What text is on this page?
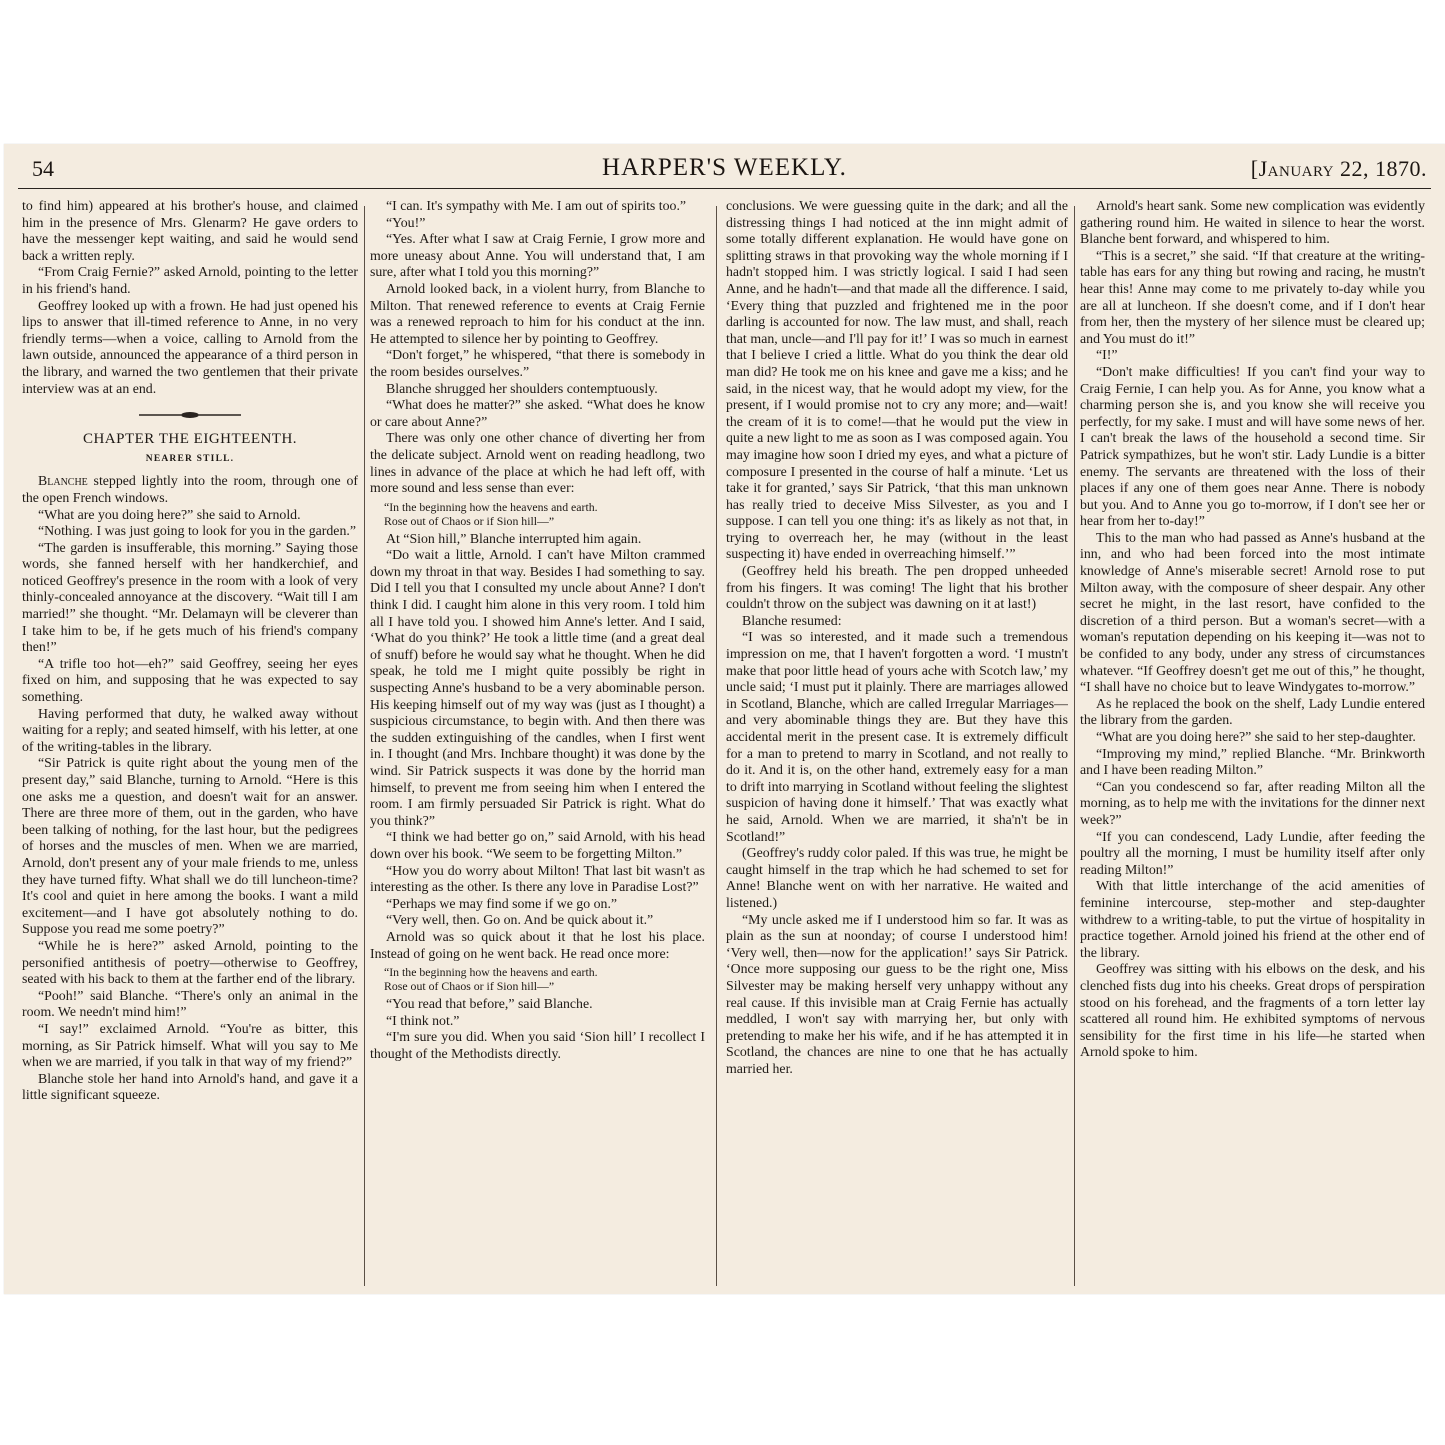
54	HARPER'S WEEKLY.	[January 22, 1870.

to find him) appeared at his brother's house, and claimed him in the presence of Mrs. Glenarm? He gave orders to have the messenger kept waiting, and said he would send back a written reply.

“From Craig Fernie?” asked Arnold, pointing to the letter in his friend's hand.

Geoffrey looked up with a frown. He had just opened his lips to answer that ill-timed reference to Anne, in no very friendly terms—when a voice, calling to Arnold from the lawn outside, announced the appearance of a third person in the library, and warned the two gentlemen that their private interview was at an end.

CHAPTER THE EIGHTEENTH.
NEARER STILL.

Blanche stepped lightly into the room, through one of the open French windows.

“What are you doing here?” she said to Arnold.

“Nothing. I was just going to look for you in the garden.”

“The garden is insufferable, this morning.” Saying those words, she fanned herself with her handkerchief, and noticed Geoffrey's presence in the room with a look of very thinly-concealed annoyance at the discovery. “Wait till I am married!” she thought. “Mr. Delamayn will be cleverer than I take him to be, if he gets much of his friend's company then!”

“A trifle too hot—eh?” said Geoffrey, seeing her eyes fixed on him, and supposing that he was expected to say something.

Having performed that duty, he walked away without waiting for a reply; and seated himself, with his letter, at one of the writing-tables in the library.

“Sir Patrick is quite right about the young men of the present day,” said Blanche, turning to Arnold. “Here is this one asks me a question, and doesn't wait for an answer. There are three more of them, out in the garden, who have been talking of nothing, for the last hour, but the pedigrees of horses and the muscles of men. When we are married, Arnold, don't present any of your male friends to me, unless they have turned fifty. What shall we do till luncheon-time? It's cool and quiet in here among the books. I want a mild excitement—and I have got absolutely nothing to do. Suppose you read me some poetry?”

“While he is here?” asked Arnold, pointing to the personified antithesis of poetry—otherwise to Geoffrey, seated with his back to them at the farther end of the library.

“Pooh!” said Blanche. “There's only an animal in the room. We needn't mind him!”

“I say!” exclaimed Arnold. “You're as bitter, this morning, as Sir Patrick himself. What will you say to Me when we are married, if you talk in that way of my friend?”

Blanche stole her hand into Arnold's hand, and gave it a little significant squeeze.

“I can. It's sympathy with Me. I am out of spirits too.”

“You!”

“Yes. After what I saw at Craig Fernie, I grow more and more uneasy about Anne. You will understand that, I am sure, after what I told you this morning?”

Arnold looked back, in a violent hurry, from Blanche to Milton. That renewed reference to events at Craig Fernie was a renewed reproach to him for his conduct at the inn. He attempted to silence her by pointing to Geoffrey.

“Don't forget,” he whispered, “that there is somebody in the room besides ourselves.”

Blanche shrugged her shoulders contemptuously.

“What does he matter?” she asked. “What does he know or care about Anne?”

There was only one other chance of diverting her from the delicate subject. Arnold went on reading headlong, two lines in advance of the place at which he had left off, with more sound and less sense than ever:

“In the beginning how the heavens and earth.
Rose out of Chaos or if Sion hill—”

At “Sion hill,” Blanche interrupted him again.

“Do wait a little, Arnold. I can't have Milton crammed down my throat in that way. Besides I had something to say. Did I tell you that I consulted my uncle about Anne? I don't think I did. I caught him alone in this very room. I told him all I have told you. I showed him Anne's letter. And I said, ‘What do you think?’ He took a little time (and a great deal of snuff) before he would say what he thought. When he did speak, he told me I might quite possibly be right in suspecting Anne's husband to be a very abominable person. His keeping himself out of my way was (just as I thought) a suspicious circumstance, to begin with. And then there was the sudden extinguishing of the candles, when I first went in. I thought (and Mrs. Inchbare thought) it was done by the wind. Sir Patrick suspects it was done by the horrid man himself, to prevent me from seeing him when I entered the room. I am firmly persuaded Sir Patrick is right. What do you think?”

“I think we had better go on,” said Arnold, with his head down over his book. “We seem to be forgetting Milton.”

“How you do worry about Milton! That last bit wasn't as interesting as the other. Is there any love in Paradise Lost?”

“Perhaps we may find some if we go on.”

“Very well, then. Go on. And be quick about it.”

Arnold was so quick about it that he lost his place. Instead of going on he went back. He read once more:

“In the beginning how the heavens and earth.
Rose out of Chaos or if Sion hill—”

“You read that before,” said Blanche.

“I think not.”

“I'm sure you did. When you said ‘Sion hill’ I recollect I thought of the Methodists directly.

conclusions. We were guessing quite in the dark; and all the distressing things I had noticed at the inn might admit of some totally different explanation. He would have gone on splitting straws in that provoking way the whole morning if I hadn't stopped him. I was strictly logical. I said I had seen Anne, and he hadn't—and that made all the difference. I said, ‘Every thing that puzzled and frightened me in the poor darling is accounted for now. The law must, and shall, reach that man, uncle—and I'll pay for it!’ I was so much in earnest that I believe I cried a little. What do you think the dear old man did? He took me on his knee and gave me a kiss; and he said, in the nicest way, that he would adopt my view, for the present, if I would promise not to cry any more; and—wait! the cream of it is to come!—that he would put the view in quite a new light to me as soon as I was composed again. You may imagine how soon I dried my eyes, and what a picture of composure I presented in the course of half a minute. ‘Let us take it for granted,’ says Sir Patrick, ‘that this man unknown has really tried to deceive Miss Silvester, as you and I suppose. I can tell you one thing: it's as likely as not that, in trying to overreach her, he may (without in the least suspecting it) have ended in overreaching himself.’”

(Geoffrey held his breath. The pen dropped unheeded from his fingers. It was coming! The light that his brother couldn't throw on the subject was dawning on it at last!)

Blanche resumed:

“I was so interested, and it made such a tremendous impression on me, that I haven't forgotten a word. ‘I mustn't make that poor little head of yours ache with Scotch law,’ my uncle said; ‘I must put it plainly. There are marriages allowed in Scotland, Blanche, which are called Irregular Marriages—and very abominable things they are. But they have this accidental merit in the present case. It is extremely difficult for a man to pretend to marry in Scotland, and not really to do it. And it is, on the other hand, extremely easy for a man to drift into marrying in Scotland without feeling the slightest suspicion of having done it himself.’ That was exactly what he said, Arnold. When we are married, it sha'n't be in Scotland!”

(Geoffrey's ruddy color paled. If this was true, he might be caught himself in the trap which he had schemed to set for Anne! Blanche went on with her narrative. He waited and listened.)

“My uncle asked me if I understood him so far. It was as plain as the sun at noonday; of course I understood him! ‘Very well, then—now for the application!’ says Sir Patrick. ‘Once more supposing our guess to be the right one, Miss Silvester may be making herself very unhappy without any real cause. If this invisible man at Craig Fernie has actually meddled, I won't say with marrying her, but only with pretending to make her his wife, and if he has attempted it in Scotland, the chances are nine to one that he has actually married her.

Arnold's heart sank. Some new complication was evidently gathering round him. He waited in silence to hear the worst. Blanche bent forward, and whispered to him.

“This is a secret,” she said. “If that creature at the writing-table has ears for any thing but rowing and racing, he mustn't hear this! Anne may come to me privately to-day while you are all at luncheon. If she doesn't come, and if I don't hear from her, then the mystery of her silence must be cleared up; and You must do it!”

“I!”

“Don't make difficulties! If you can't find your way to Craig Fernie, I can help you. As for Anne, you know what a charming person she is, and you know she will receive you perfectly, for my sake. I must and will have some news of her. I can't break the laws of the household a second time. Sir Patrick sympathizes, but he won't stir. Lady Lundie is a bitter enemy. The servants are threatened with the loss of their places if any one of them goes near Anne. There is nobody but you. And to Anne you go to-morrow, if I don't see her or hear from her to-day!”

This to the man who had passed as Anne's husband at the inn, and who had been forced into the most intimate knowledge of Anne's miserable secret! Arnold rose to put Milton away, with the composure of sheer despair. Any other secret he might, in the last resort, have confided to the discretion of a third person. But a woman's secret—with a woman's reputation depending on his keeping it—was not to be confided to any body, under any stress of circumstances whatever. “If Geoffrey doesn't get me out of this,” he thought, “I shall have no choice but to leave Windygates to-morrow.”

As he replaced the book on the shelf, Lady Lundie entered the library from the garden.

“What are you doing here?” she said to her step-daughter.

“Improving my mind,” replied Blanche. “Mr. Brinkworth and I have been reading Milton.”

“Can you condescend so far, after reading Milton all the morning, as to help me with the invitations for the dinner next week?”

“If you can condescend, Lady Lundie, after feeding the poultry all the morning, I must be humility itself after only reading Milton!”

With that little interchange of the acid amenities of feminine intercourse, step-mother and step-daughter withdrew to a writing-table, to put the virtue of hospitality in practice together. Arnold joined his friend at the other end of the library.

Geoffrey was sitting with his elbows on the desk, and his clenched fists dug into his cheeks. Great drops of perspiration stood on his forehead, and the fragments of a torn letter lay scattered all round him. He exhibited symptoms of nervous sensibility for the first time in his life—he started when Arnold spoke to him.
